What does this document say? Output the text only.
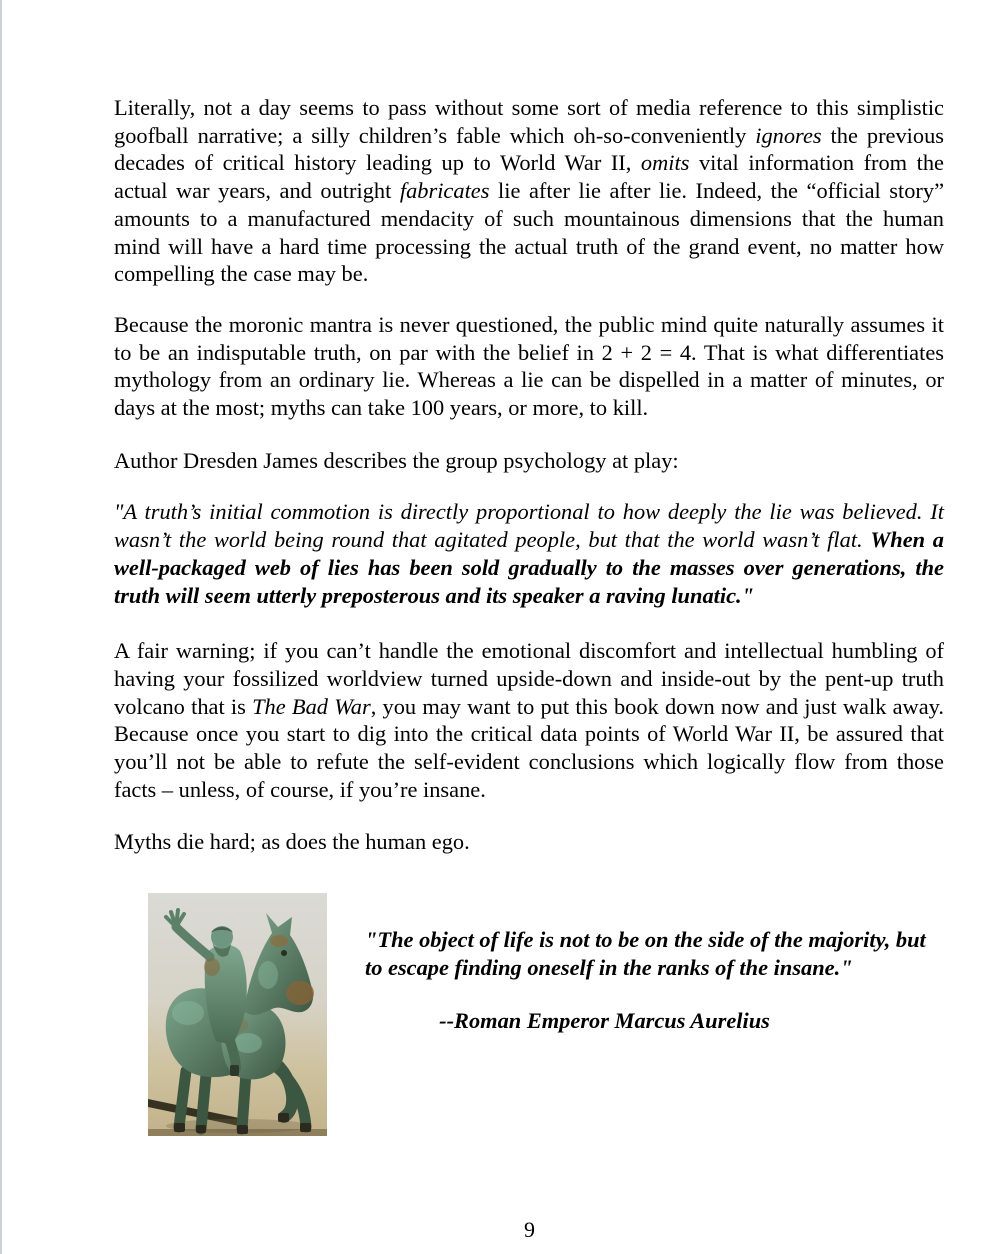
Literally, not a day seems to pass without some sort of media reference to this simplistic goofball narrative; a silly children’s fable which oh-so-conveniently ignores the previous decades of critical history leading up to World War II, omits vital information from the actual war years, and outright fabricates lie after lie after lie. Indeed, the “official story” amounts to a manufactured mendacity of such mountainous dimensions that the human mind will have a hard time processing the actual truth of the grand event, no matter how compelling the case may be.

Because the moronic mantra is never questioned, the public mind quite naturally assumes it to be an indisputable truth, on par with the belief in 2 + 2 = 4. That is what differentiates mythology from an ordinary lie. Whereas a lie can be dispelled in a matter of minutes, or days at the most; myths can take 100 years, or more, to kill.

Author Dresden James describes the group psychology at play:

"A truth’s initial commotion is directly proportional to how deeply the lie was believed. It wasn’t the world being round that agitated people, but that the world wasn’t flat. When a well-packaged web of lies has been sold gradually to the masses over generations, the truth will seem utterly preposterous and its speaker a raving lunatic."

A fair warning; if you can’t handle the emotional discomfort and intellectual humbling of having your fossilized worldview turned upside-down and inside-out by the pent-up truth volcano that is The Bad War, you may want to put this book down now and just walk away. Because once you start to dig into the critical data points of World War II, be assured that you’ll not be able to refute the self-evident conclusions which logically flow from those facts – unless, of course, if you’re insane.

Myths die hard; as does the human ego.

"The object of life is not to be on the side of the majority, but to escape finding oneself in the ranks of the insane."
--Roman Emperor Marcus Aurelius
9
